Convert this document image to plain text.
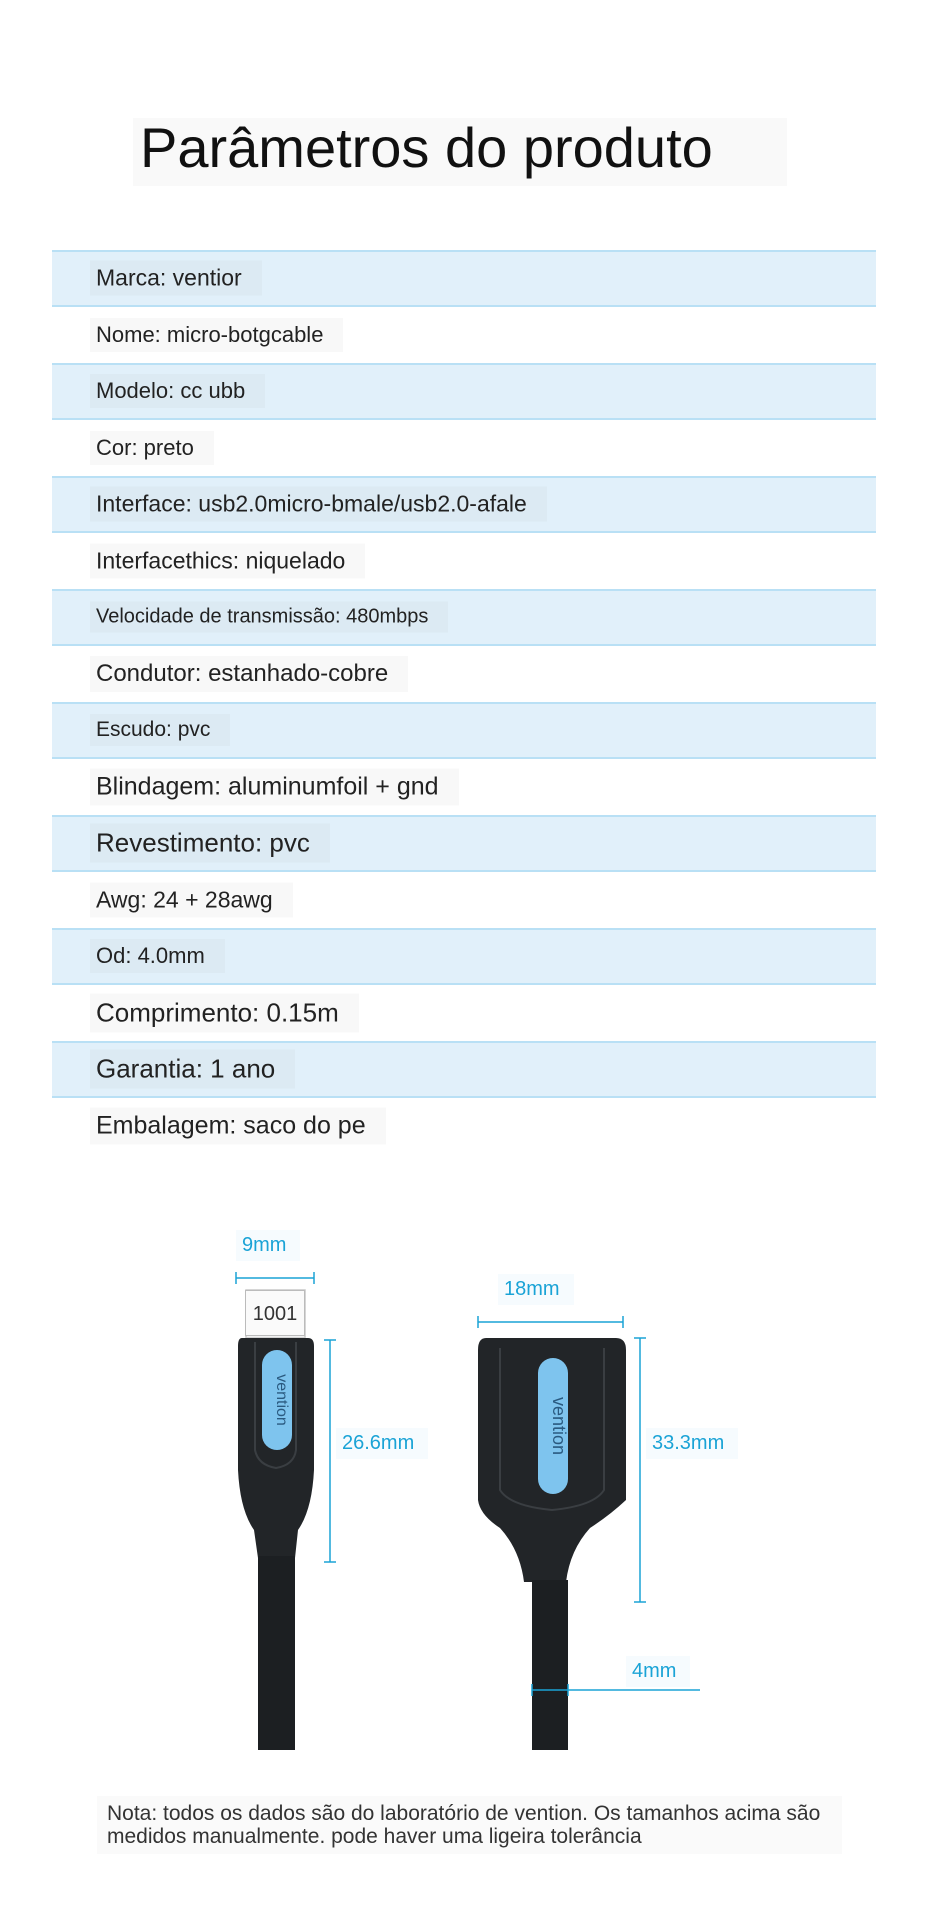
Parâmetros do produto
Marca: ventior
Nome: micro-botgcable
Modelo: cc ubb
Cor: preto
Interface: usb2.0micro-bmale/usb2.0-afale
Interfacethics: niquelado
Velocidade de transmissão: 480mbps
Condutor: estanhado-cobre
Escudo: pvc
Blindagem: aluminumfoil + gnd
Revestimento: pvc
Awg: 24 + 28awg
Od: 4.0mm
Comprimento: 0.15m
Garantia: 1 ano
Embalagem: saco do pe
vention	vention
1001
9mm
26.6mm
18mm
33.3mm
4mm
Nota: todos os dados são do laboratório de vention. Os tamanhos acima são medidos manualmente. pode haver uma ligeira tolerância
